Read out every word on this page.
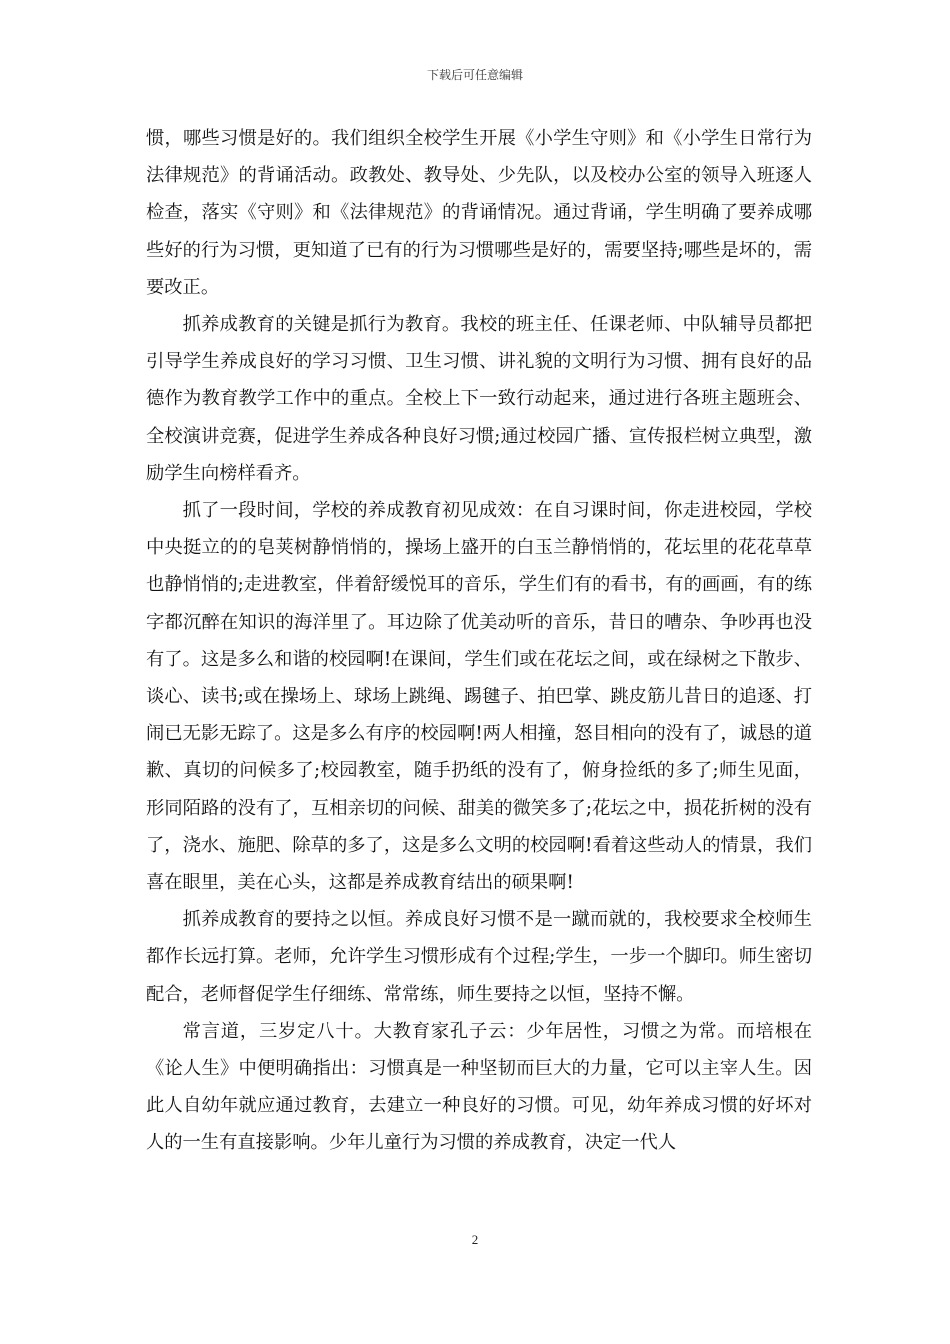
下载后可任意编辑

惯，哪些习惯是好的。我们组织全校学生开展《小学生守则》和《小学生日常行为法律规范》的背诵活动。政教处、教导处、少先队，以及校办公室的领导入班逐人检查，落实《守则》和《法律规范》的背诵情况。通过背诵，学生明确了要养成哪些好的行为习惯，更知道了已有的行为习惯哪些是好的，需要坚持;哪些是坏的，需要改正。

抓养成教育的关键是抓行为教育。我校的班主任、任课老师、中队辅导员都把引导学生养成良好的学习习惯、卫生习惯、讲礼貌的文明行为习惯、拥有良好的品德作为教育教学工作中的重点。全校上下一致行动起来，通过进行各班主题班会、全校演讲竞赛，促进学生养成各种良好习惯;通过校园广播、宣传报栏树立典型，激励学生向榜样看齐。

抓了一段时间，学校的养成教育初见成效：在自习课时间，你走进校园，学校中央挺立的的皂荚树静悄悄的，操场上盛开的白玉兰静悄悄的，花坛里的花花草草也静悄悄的;走进教室，伴着舒缓悦耳的音乐，学生们有的看书，有的画画，有的练字都沉醉在知识的海洋里了。耳边除了优美动听的音乐，昔日的嘈杂、争吵再也没有了。这是多么和谐的校园啊!在课间，学生们或在花坛之间，或在绿树之下散步、谈心、读书;或在操场上、球场上跳绳、踢毽子、拍巴掌、跳皮筋儿昔日的追逐、打闹已无影无踪了。这是多么有序的校园啊!两人相撞，怒目相向的没有了，诚恳的道歉、真切的问候多了;校园教室，随手扔纸的没有了，俯身捡纸的多了;师生见面，形同陌路的没有了，互相亲切的问候、甜美的微笑多了;花坛之中，损花折树的没有了，浇水、施肥、除草的多了，这是多么文明的校园啊!看着这些动人的情景，我们喜在眼里，美在心头，这都是养成教育结出的硕果啊!

抓养成教育的要持之以恒。养成良好习惯不是一蹴而就的，我校要求全校师生都作长远打算。老师，允许学生习惯形成有个过程;学生，一步一个脚印。师生密切配合，老师督促学生仔细练、常常练，师生要持之以恒，坚持不懈。

常言道，三岁定八十。大教育家孔子云：少年居性，习惯之为常。而培根在《论人生》中便明确指出：习惯真是一种坚韧而巨大的力量，它可以主宰人生。因此人自幼年就应通过教育，去建立一种良好的习惯。可见，幼年养成习惯的好坏对人的一生有直接影响。少年儿童行为习惯的养成教育，决定一代人

2
